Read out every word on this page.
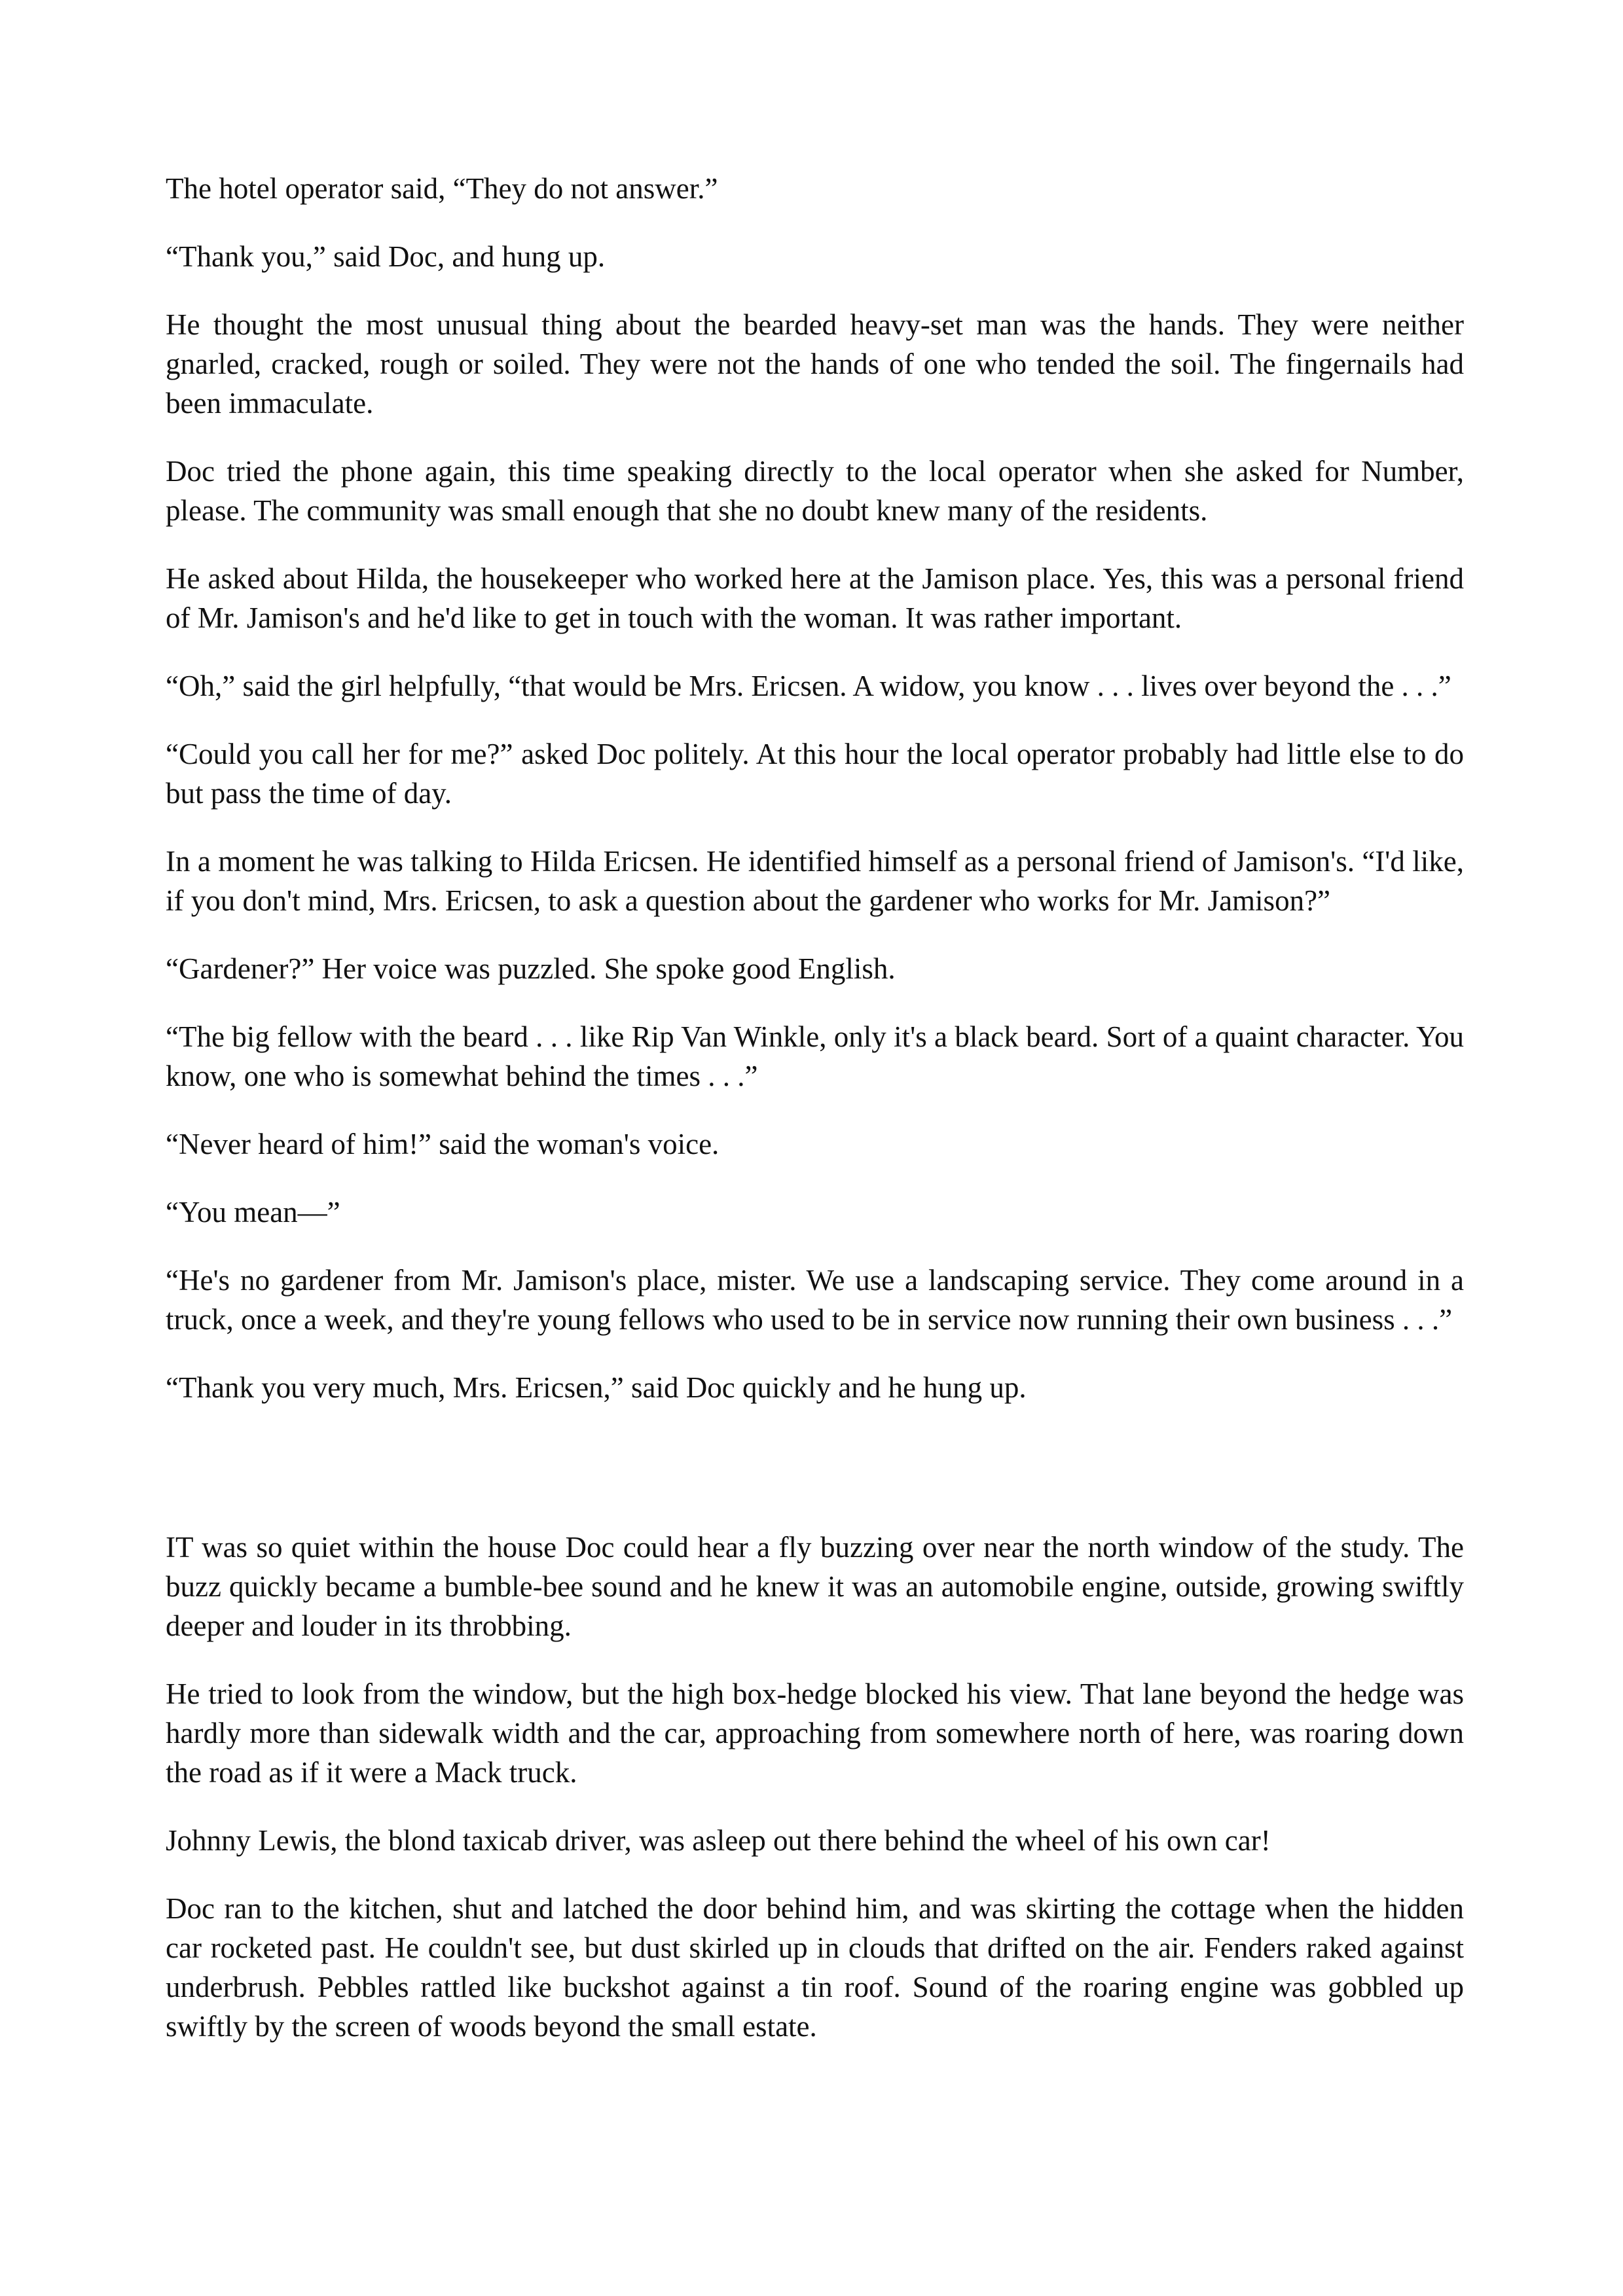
The hotel operator said, “They do not answer.”

“Thank you,” said Doc, and hung up.

He thought the most unusual thing about the bearded heavy-set man was the hands. They were neither gnarled, cracked, rough or soiled. They were not the hands of one who tended the soil. The fingernails had been immaculate.

Doc tried the phone again, this time speaking directly to the local operator when she asked for Number, please. The community was small enough that she no doubt knew many of the residents.

He asked about Hilda, the housekeeper who worked here at the Jamison place. Yes, this was a personal friend of Mr. Jamison's and he'd like to get in touch with the woman. It was rather important.

“Oh,” said the girl helpfully, “that would be Mrs. Ericsen. A widow, you know . . . lives over beyond the . . .”

“Could you call her for me?” asked Doc politely. At this hour the local operator probably had little else to do but pass the time of day.

In a moment he was talking to Hilda Ericsen. He identified himself as a personal friend of Jamison's. “I'd like, if you don't mind, Mrs. Ericsen, to ask a question about the gardener who works for Mr. Jamison?”

“Gardener?” Her voice was puzzled. She spoke good English.

“The big fellow with the beard . . . like Rip Van Winkle, only it's a black beard. Sort of a quaint character. You know, one who is somewhat behind the times . . .”

“Never heard of him!” said the woman's voice.

“You mean—”

“He's no gardener from Mr. Jamison's place, mister. We use a landscaping service. They come around in a truck, once a week, and they're young fellows who used to be in service now running their own business . . .”

“Thank you very much, Mrs. Ericsen,” said Doc quickly and he hung up.

IT was so quiet within the house Doc could hear a fly buzzing over near the north window of the study. The buzz quickly became a bumble-bee sound and he knew it was an automobile engine, outside, growing swiftly deeper and louder in its throbbing.

He tried to look from the window, but the high box-hedge blocked his view. That lane beyond the hedge was hardly more than sidewalk width and the car, approaching from somewhere north of here, was roaring down the road as if it were a Mack truck.

Johnny Lewis, the blond taxicab driver, was asleep out there behind the wheel of his own car!

Doc ran to the kitchen, shut and latched the door behind him, and was skirting the cottage when the hidden car rocketed past. He couldn't see, but dust skirled up in clouds that drifted on the air. Fenders raked against underbrush. Pebbles rattled like buckshot against a tin roof. Sound of the roaring engine was gobbled up swiftly by the screen of woods beyond the small estate.
